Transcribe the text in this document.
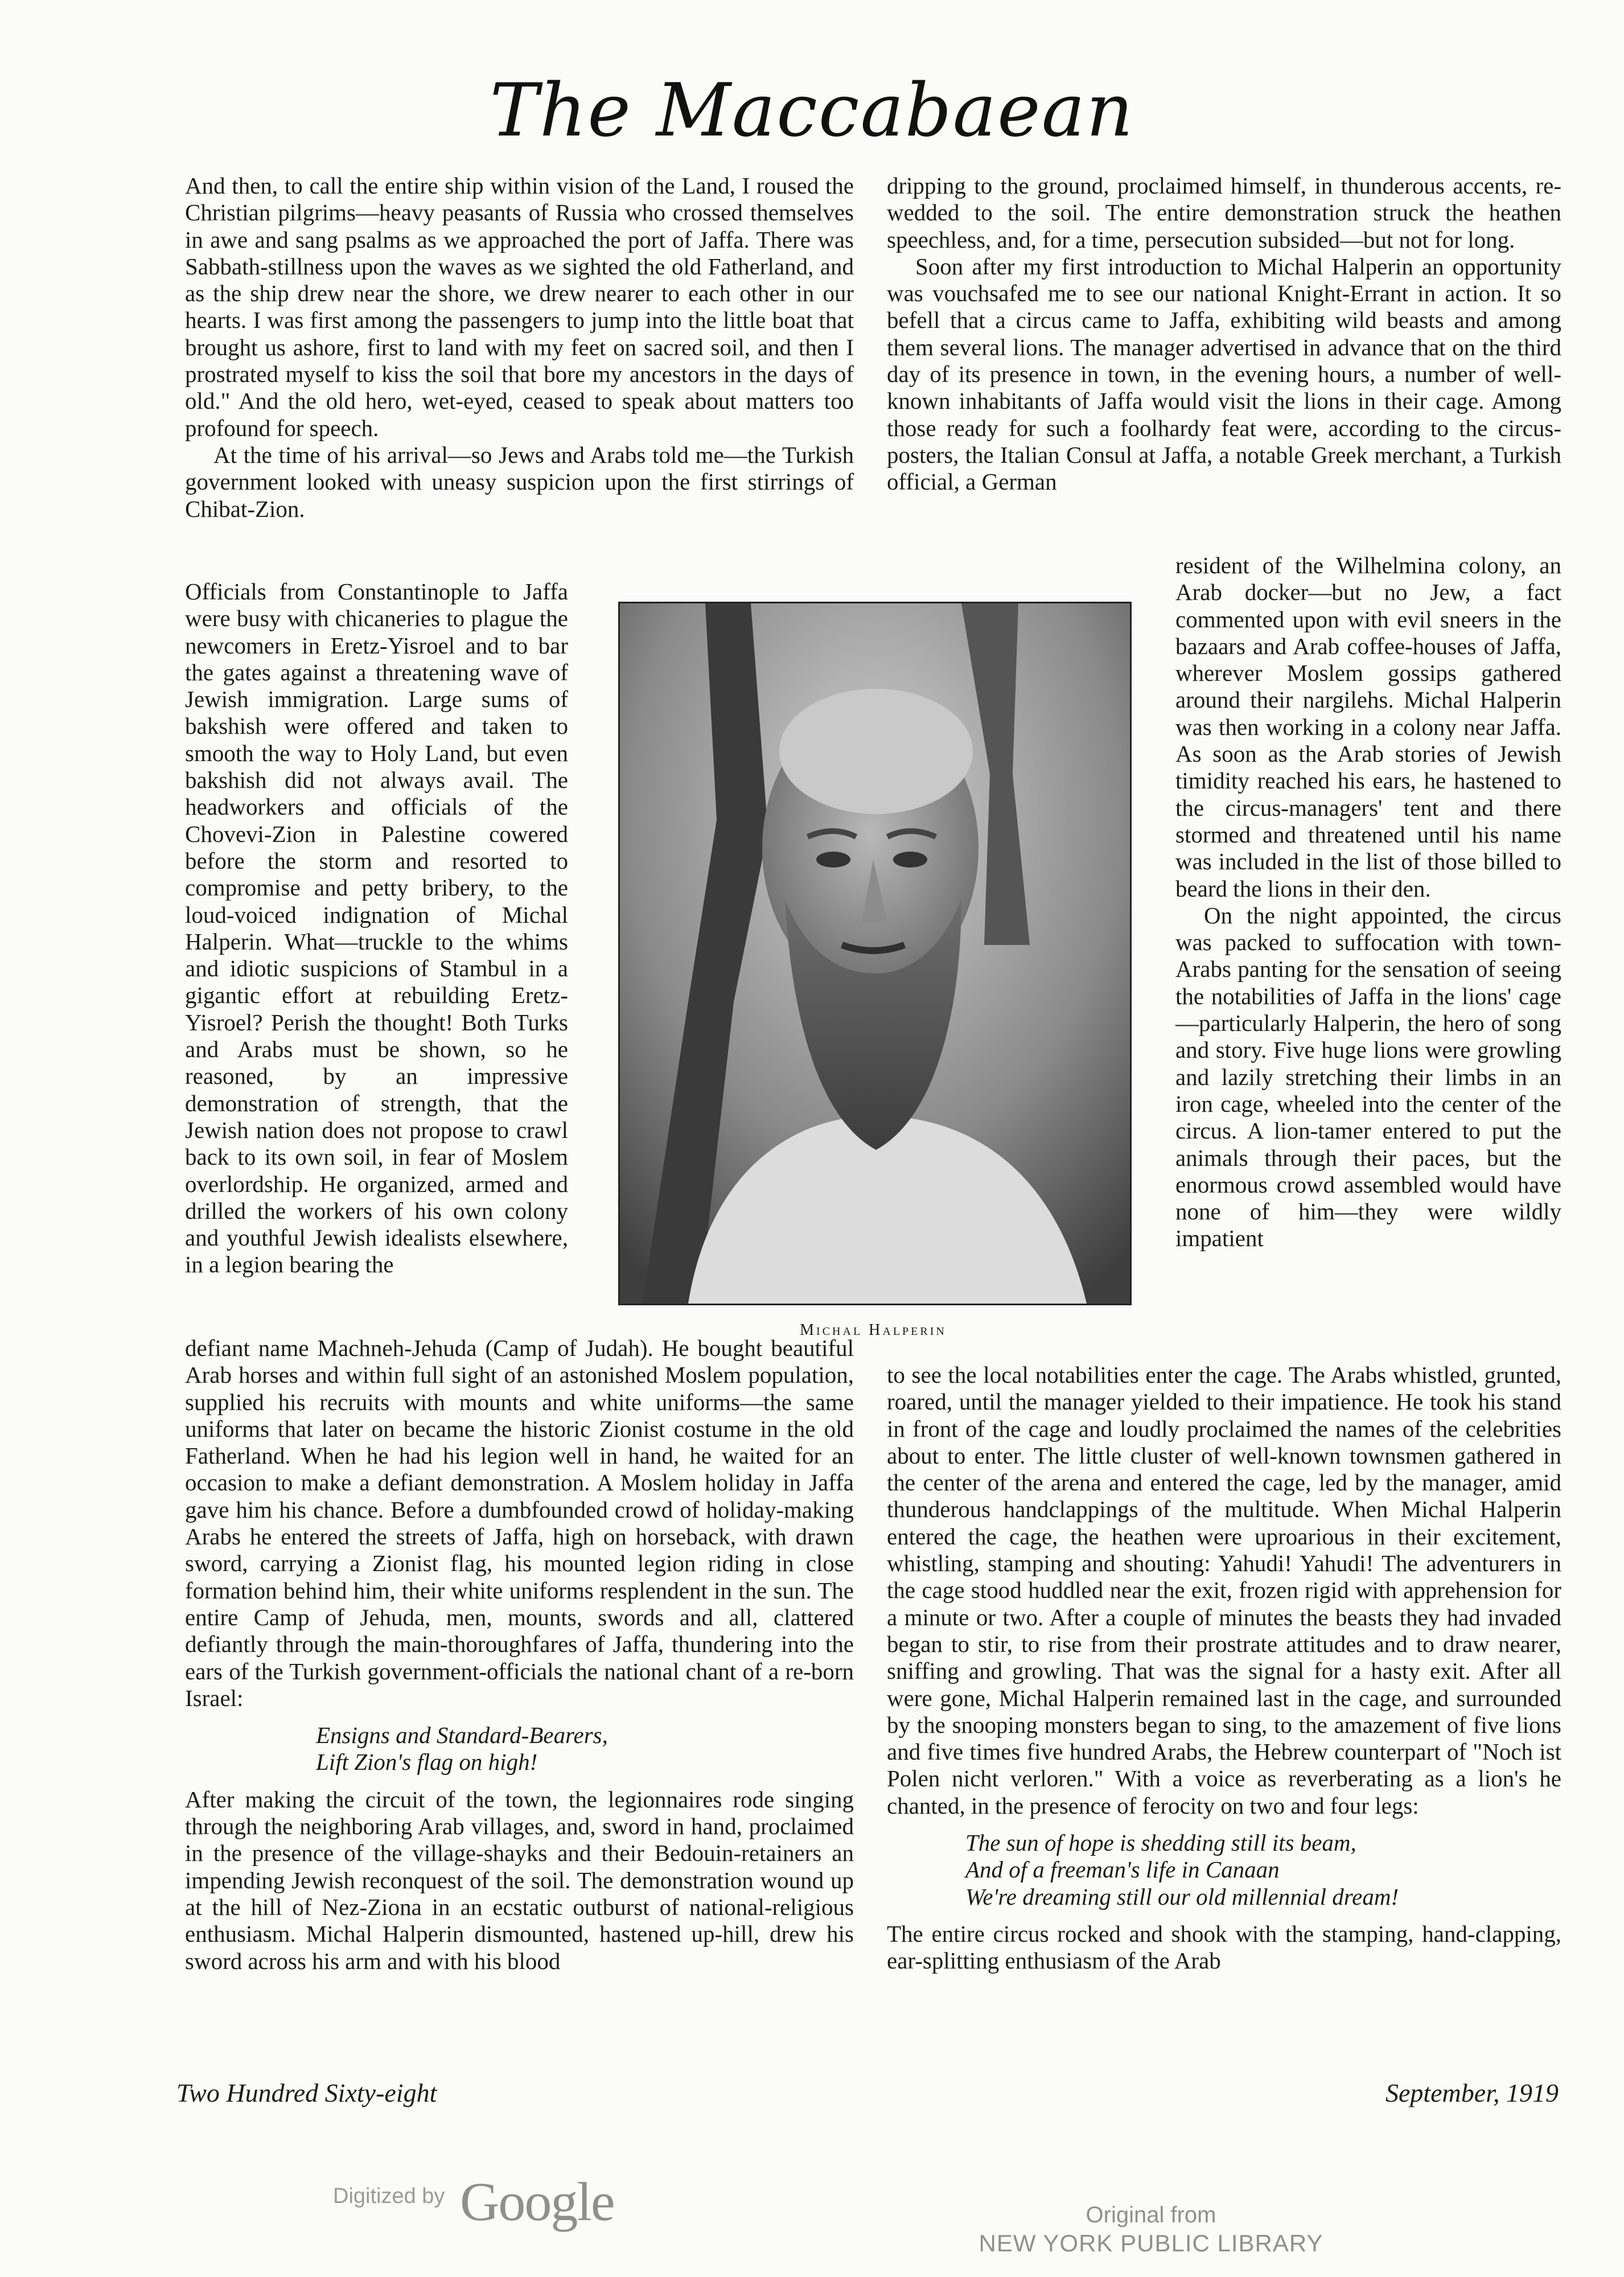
The Maccabaean

And then, to call the entire ship within vision of the Land, I roused the Christian pilgrims—heavy peasants of Russia who crossed themselves in awe and sang psalms as we approached the port of Jaffa. There was Sabbath-stillness upon the waves as we sighted the old Fatherland, and as the ship drew near the shore, we drew nearer to each other in our hearts. I was first among the passengers to jump into the little boat that brought us ashore, first to land with my feet on sacred soil, and then I prostrated myself to kiss the soil that bore my ancestors in the days of old." And the old hero, wet-eyed, ceased to speak about matters too profound for speech.

At the time of his arrival—so Jews and Arabs told me—the Turkish government looked with uneasy suspicion upon the first stirrings of Chibat-Zion.

Officials from Constantinople to Jaffa were busy with chicaneries to plague the newcomers in Eretz-Yisroel and to bar the gates against a threatening wave of Jewish immigration. Large sums of bakshish were offered and taken to smooth the way to Holy Land, but even bakshish did not always avail. The headworkers and officials of the Chovevi-Zion in Palestine cowered before the storm and resorted to compromise and petty bribery, to the loud-voiced indignation of Michal Halperin. What—truckle to the whims and idiotic suspicions of Stambul in a gigantic effort at rebuilding Eretz-Yisroel? Perish the thought! Both Turks and Arabs must be shown, so he reasoned, by an impressive demonstration of strength, that the Jewish nation does not propose to crawl back to its own soil, in fear of Moslem overlordship. He organized, armed and drilled the workers of his own colony and youthful Jewish idealists elsewhere, in a legion bearing the

Michal Halperin

defiant name Machneh-Jehuda (Camp of Judah). He bought beautiful Arab horses and within full sight of an astonished Moslem population, supplied his recruits with mounts and white uniforms—the same uniforms that later on became the historic Zionist costume in the old Fatherland. When he had his legion well in hand, he waited for an occasion to make a defiant demonstration. A Moslem holiday in Jaffa gave him his chance. Before a dumbfounded crowd of holiday-making Arabs he entered the streets of Jaffa, high on horseback, with drawn sword, carrying a Zionist flag, his mounted legion riding in close formation behind him, their white uniforms resplendent in the sun. The entire Camp of Jehuda, men, mounts, swords and all, clattered defiantly through the main-thoroughfares of Jaffa, thundering into the ears of the Turkish government-officials the national chant of a re-born Israel:

Ensigns and Standard-Bearers,
Lift Zion's flag on high!

After making the circuit of the town, the legionnaires rode singing through the neighboring Arab villages, and, sword in hand, proclaimed in the presence of the village-shayks and their Bedouin-retainers an impending Jewish reconquest of the soil. The demonstration wound up at the hill of Nez-Ziona in an ecstatic outburst of national-religious enthusiasm. Michal Halperin dismounted, hastened up-hill, drew his sword across his arm and with his blood

dripping to the ground, proclaimed himself, in thunderous accents, re-wedded to the soil. The entire demonstration struck the heathen speechless, and, for a time, persecution subsided—but not for long.

Soon after my first introduction to Michal Halperin an opportunity was vouchsafed me to see our national Knight-Errant in action. It so befell that a circus came to Jaffa, exhibiting wild beasts and among them several lions. The manager advertised in advance that on the third day of its presence in town, in the evening hours, a number of well-known inhabitants of Jaffa would visit the lions in their cage. Among those ready for such a foolhardy feat were, according to the circus-posters, the Italian Consul at Jaffa, a notable Greek merchant, a Turkish official, a German

resident of the Wilhelmina colony, an Arab docker—but no Jew, a fact commented upon with evil sneers in the bazaars and Arab coffee-houses of Jaffa, wherever Moslem gossips gathered around their nargilehs. Michal Halperin was then working in a colony near Jaffa. As soon as the Arab stories of Jewish timidity reached his ears, he hastened to the circus-managers' tent and there stormed and threatened until his name was included in the list of those billed to beard the lions in their den.

On the night appointed, the circus was packed to suffocation with town-Arabs panting for the sensation of seeing the notabilities of Jaffa in the lions' cage—particularly Halperin, the hero of song and story. Five huge lions were growling and lazily stretching their limbs in an iron cage, wheeled into the center of the circus. A lion-tamer entered to put the animals through their paces, but the enormous crowd assembled would have none of him—they were wildly impatient

to see the local notabilities enter the cage. The Arabs whistled, grunted, roared, until the manager yielded to their impatience. He took his stand in front of the cage and loudly proclaimed the names of the celebrities about to enter. The little cluster of well-known townsmen gathered in the center of the arena and entered the cage, led by the manager, amid thunderous handclappings of the multitude. When Michal Halperin entered the cage, the heathen were uproarious in their excitement, whistling, stamping and shouting: Yahudi! Yahudi! The adventurers in the cage stood huddled near the exit, frozen rigid with apprehension for a minute or two. After a couple of minutes the beasts they had invaded began to stir, to rise from their prostrate attitudes and to draw nearer, sniffing and growling. That was the signal for a hasty exit. After all were gone, Michal Halperin remained last in the cage, and surrounded by the snooping monsters began to sing, to the amazement of five lions and five times five hundred Arabs, the Hebrew counterpart of "Noch ist Polen nicht verloren." With a voice as reverberating as a lion's he chanted, in the presence of ferocity on two and four legs:

The sun of hope is shedding still its beam,
And of a freeman's life in Canaan
We're dreaming still our old millennial dream!

The entire circus rocked and shook with the stamping, hand-clapping, ear-splitting enthusiasm of the Arab

Two Hundred Sixty-eight	September, 1919
Digitized by Google	Original from
NEW YORK PUBLIC LIBRARY
